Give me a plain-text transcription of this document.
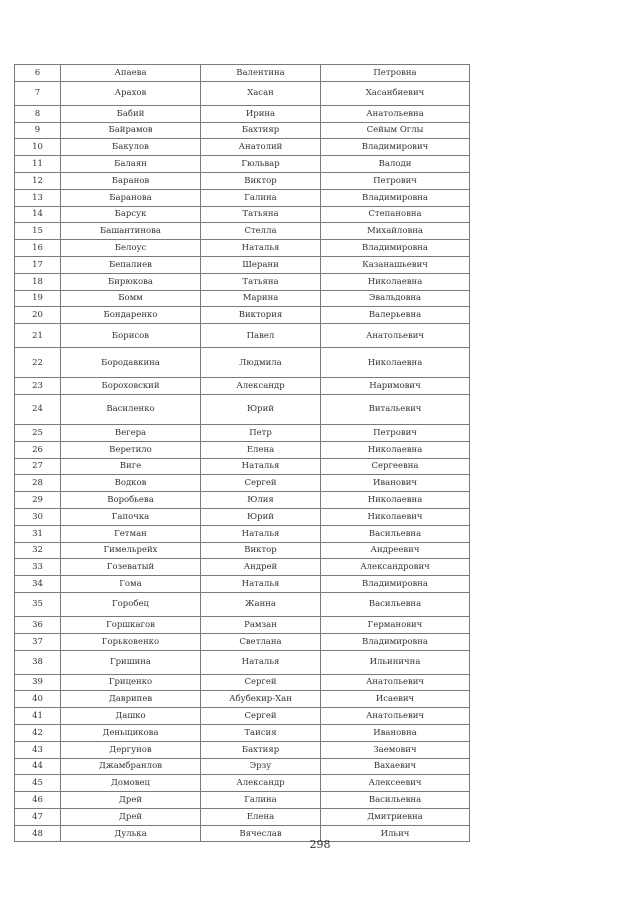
6	Апаева	Валентина	Петровна
7	Арахов	Хасан	Хасанбиевич
8	Бабий	Ирина	Анатольевна
9	Байрамов	Бахтияр	Сейым Оглы
10	Бакулов	Анатолий	Владимирович
11	Балаян	Гюльвар	Валоди
12	Баранов	Виктор	Петрович
13	Баранова	Галина	Владимировна
14	Барсук	Татьяна	Степановна
15	Башантинова	Стелла	Михайловна
16	Белоус	Наталья	Владимировна
17	Бепалиев	Шерани	Казанашьевич
18	Бирюкова	Татьяна	Николаевна
19	Бомм	Марина	Эвальдовна
20	Бондаренко	Виктория	Валерьевна
21	Борисов	Павел	Анатольевич
22	Бородавкина	Людмила	Николаевна
23	Бороховский	Александр	Наримович
24	Василенко	Юрий	Витальевич
25	Вегера	Петр	Петрович
26	Веретило	Елена	Николаевна
27	Виге	Наталья	Сергеевна
28	Водков	Сергей	Иванович
29	Воробьева	Юлия	Николаевна
30	Гапочка	Юрий	Николаевич
31	Гетман	Наталья	Васильевна
32	Гимельрейх	Виктор	Андреевич
33	Гозеватый	Андрей	Александрович
34	Гома	Наталья	Владимировна
35	Горобец	Жанна	Васильевна
36	Горшкагов	Рамзан	Германович
37	Горьковенко	Светлана	Владимировна
38	Гришина	Наталья	Ильинична
39	Гриценко	Сергей	Анатольевич
40	Даврипев	Абубекир-Хан	Исаевич
41	Дашко	Сергей	Анатольевич
42	Деньщикова	Таисия	Ивановна
43	Дергунов	Бахтияр	Заемович
44	Джамбранлов	Эрзу	Вахаевич
45	Домовец	Александр	Алексеевич
46	Дрей	Галина	Васильевна
47	Дрей	Елена	Дмитриевна
48	Дулька	Вячеслав	Ильич
298
